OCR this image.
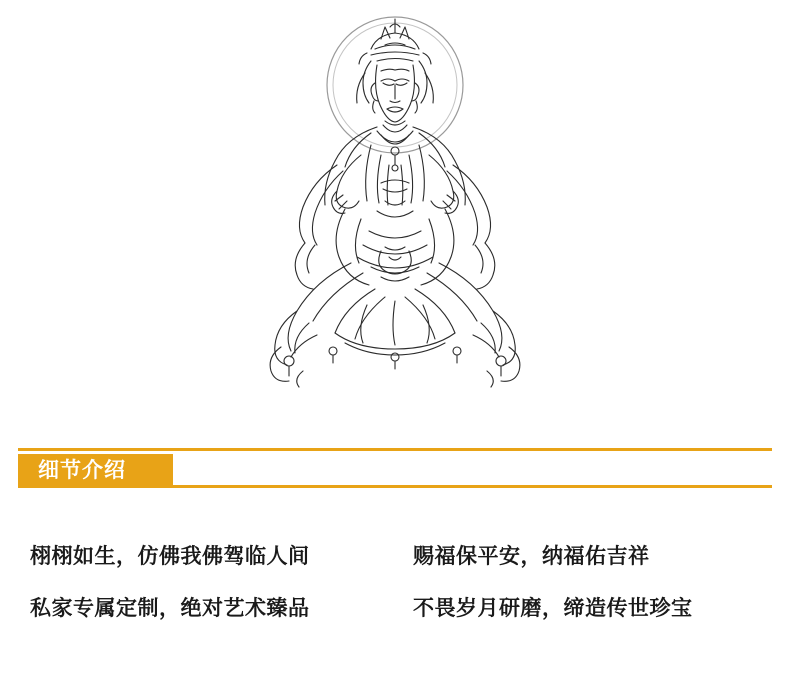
细节介绍
栩栩如生，仿佛我佛驾临人间	赐福保平安，纳福佑吉祥
私家专属定制，绝对艺术臻品	不畏岁月研磨，缔造传世珍宝
